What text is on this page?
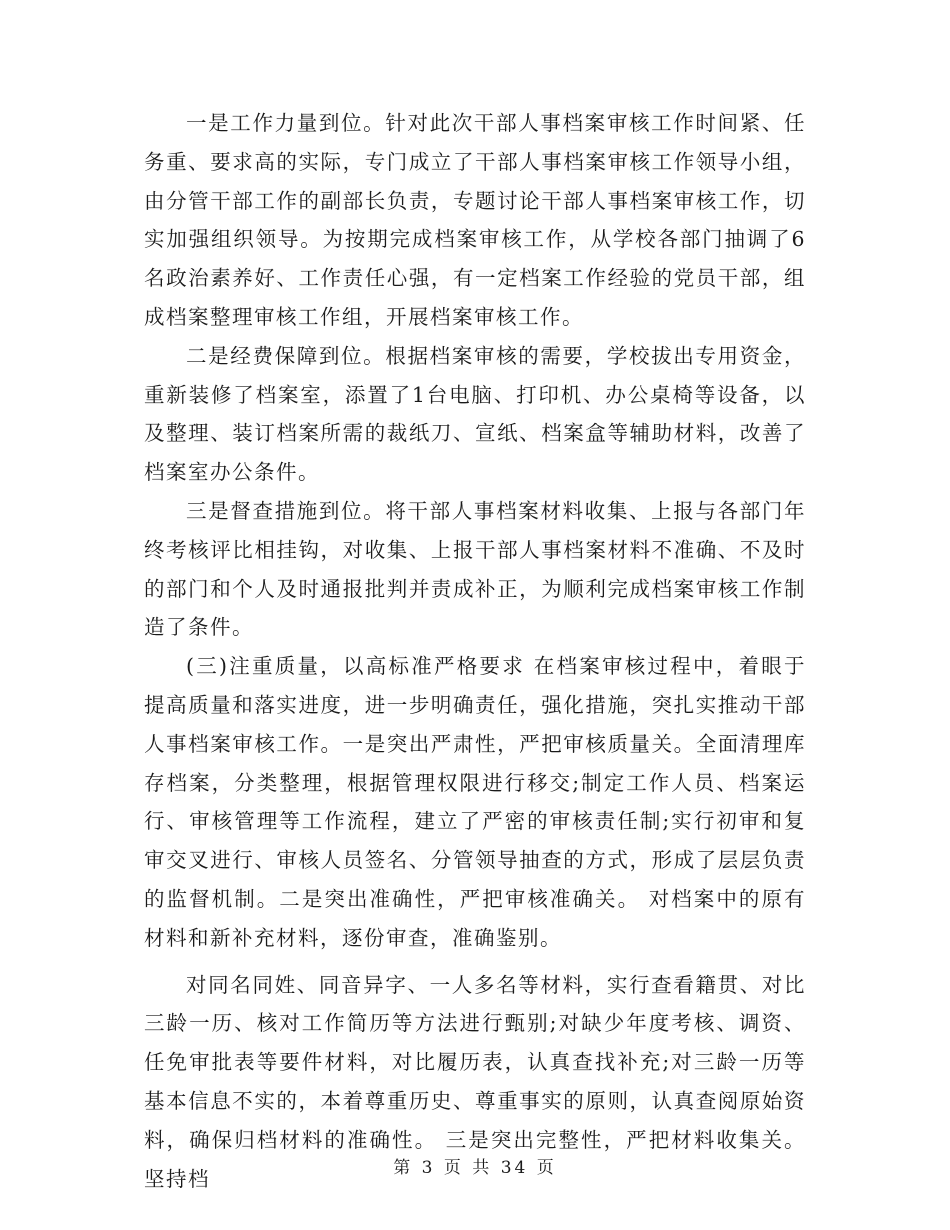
一是工作力量到位。针对此次干部人事档案审核工作时间紧、任务重、要求高的实际，专门成立了干部人事档案审核工作领导小组，由分管干部工作的副部长负责，专题讨论干部人事档案审核工作，切实加强组织领导。为按期完成档案审核工作，从学校各部门抽调了6名政治素养好、工作责任心强，有一定档案工作经验的党员干部，组成档案整理审核工作组，开展档案审核工作。

二是经费保障到位。根据档案审核的需要，学校拔出专用资金，重新装修了档案室，添置了1台电脑、打印机、办公桌椅等设备，以及整理、装订档案所需的裁纸刀、宣纸、档案盒等辅助材料，改善了档案室办公条件。

三是督查措施到位。将干部人事档案材料收集、上报与各部门年终考核评比相挂钩，对收集、上报干部人事档案材料不准确、不及时的部门和个人及时通报批判并责成补正，为顺利完成档案审核工作制造了条件。

(三)注重质量，以高标准严格要求 在档案审核过程中，着眼于提高质量和落实进度，进一步明确责任，强化措施，突扎实推动干部人事档案审核工作。一是突出严肃性，严把审核质量关。全面清理库存档案，分类整理，根据管理权限进行移交;制定工作人员、档案运行、审核管理等工作流程，建立了严密的审核责任制;实行初审和复审交叉进行、审核人员签名、分管领导抽查的方式，形成了层层负责的监督机制。二是突出准确性，严把审核准确关。 对档案中的原有材料和新补充材料，逐份审查，准确鉴别。

对同名同姓、同音异字、一人多名等材料，实行查看籍贯、对比三龄一历、核对工作简历等方法进行甄别;对缺少年度考核、调资、任免审批表等要件材料，对比履历表，认真查找补充;对三龄一历等基本信息不实的，本着尊重历史、尊重事实的原则，认真查阅原始资料，确保归档材料的准确性。 三是突出完整性，严把材料收集关。坚持档	第 3 页 共 34 页
